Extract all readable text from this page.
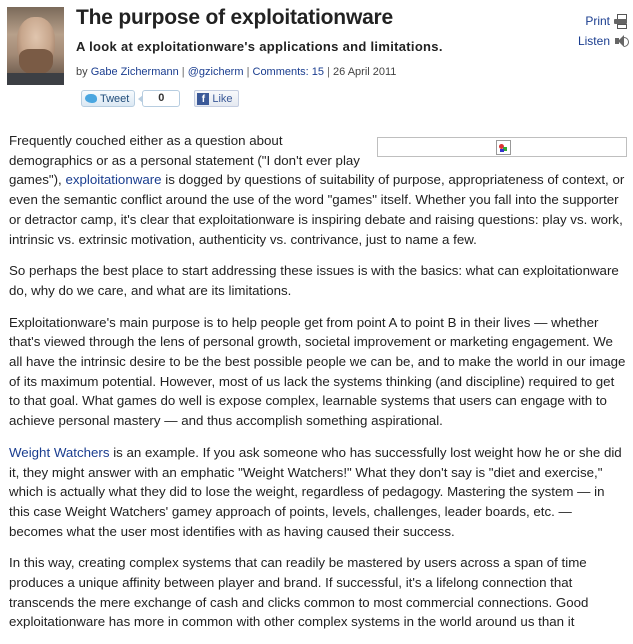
The purpose of exploitationware
A look at exploitationware's applications and limitations.
by Gabe Zichermann | @gzicherm | Comments: 15 | 26 April 2011
Print
Listen
Tweet	0	f Like

Frequently couched either as a question about demographics or as a personal statement ("I don't ever play games"), exploitationware is dogged by questions of suitability of purpose, appropriateness of context, or even the semantic conflict around the use of the word "games" itself. Whether you fall into the supporter or detractor camp, it's clear that exploitationware is inspiring debate and raising questions: play vs. work, intrinsic vs. extrinsic motivation, authenticity vs. contrivance, just to name a few.

So perhaps the best place to start addressing these issues is with the basics: what can exploitationware do, why do we care, and what are its limitations.

Exploitationware's main purpose is to help people get from point A to point B in their lives — whether that's viewed through the lens of personal growth, societal improvement or marketing engagement. We all have the intrinsic desire to be the best possible people we can be, and to make the world in our image of its maximum potential. However, most of us lack the systems thinking (and discipline) required to get to that goal. What games do well is expose complex, learnable systems that users can engage with to achieve personal mastery — and thus accomplish something aspirational.

Weight Watchers is an example. If you ask someone who has successfully lost weight how he or she did it, they might answer with an emphatic "Weight Watchers!" What they don't say is "diet and exercise," which is actually what they did to lose the weight, regardless of pedagogy. Mastering the system — in this case Weight Watchers' gamey approach of points, levels, challenges, leader boards, etc. — becomes what the user most identifies with as having caused their success.

In this way, creating complex systems that can readily be mastered by users across a span of time produces a unique affinity between player and brand. If successful, it's a lifelong connection that transcends the mere exchange of cash and clicks common to most commercial connections. Good exploitationware has more in common with other complex systems in the world around us than it
